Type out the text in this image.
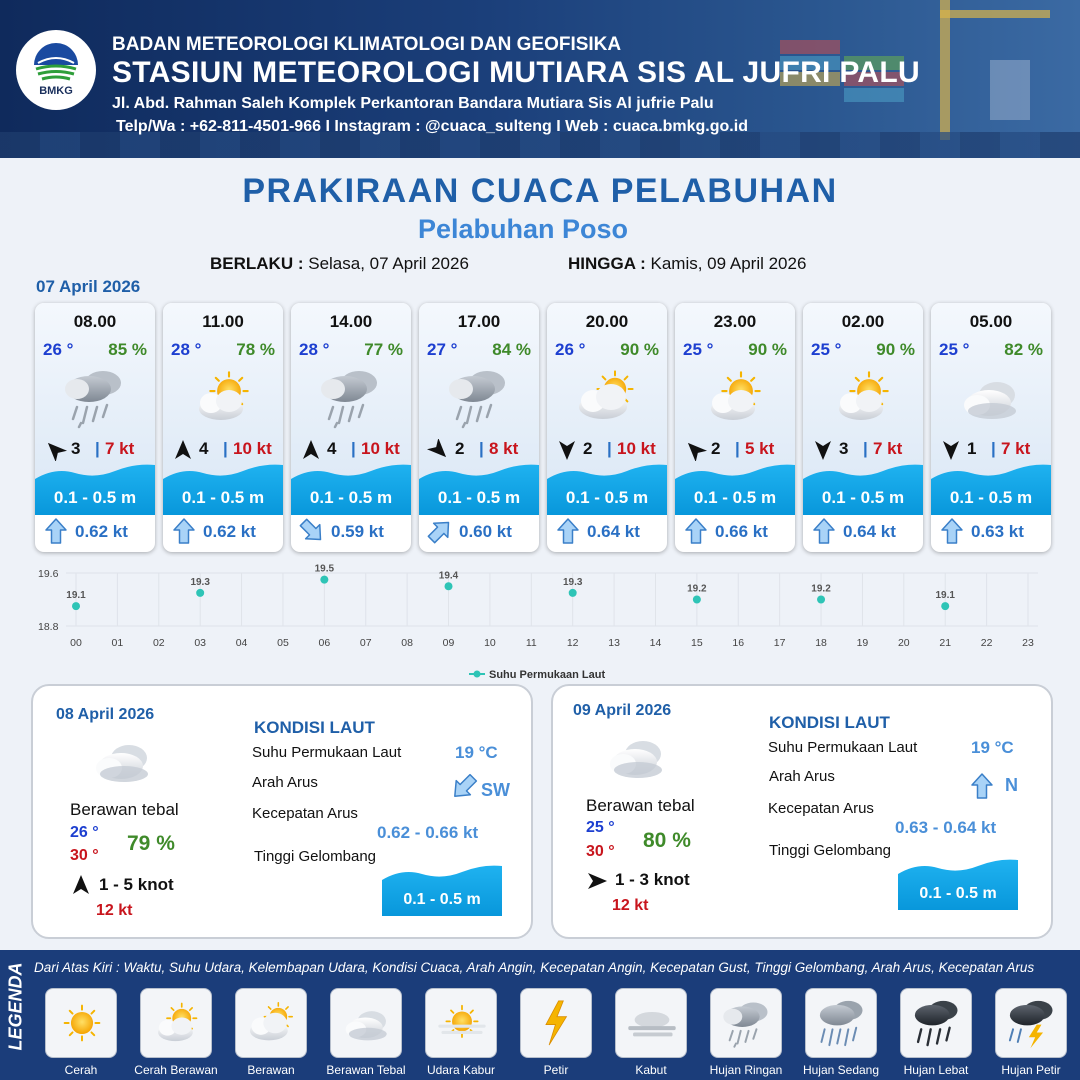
BMKG
BADAN METEOROLOGI KLIMATOLOGI DAN GEOFISIKA
STASIUN METEOROLOGI MUTIARA SIS AL JUFRI PALU
Jl. Abd. Rahman Saleh Komplek Perkantoran Bandara Mutiara Sis Al jufrie Palu
Telp/Wa : +62-811-4501-966 I Instagram : @cuaca_sulteng I Web : cuaca.bmkg.go.id
PRAKIRAAN CUACA PELABUHAN
Pelabuhan Poso
BERLAKU : Selasa, 07 April 2026	HINGGA : Kamis, 09 April 2026
07 April 2026
08.00
26 ° 85 %
3 | 7 kt
0.1 - 0.5 m
0.62 kt
11.00
28 ° 78 %
4 | 10 kt
0.1 - 0.5 m
0.62 kt
14.00
28 ° 77 %
4 | 10 kt
0.1 - 0.5 m
0.59 kt
17.00
27 ° 84 %
2 | 8 kt
0.1 - 0.5 m
0.60 kt
20.00
26 ° 90 %
2 | 10 kt
0.1 - 0.5 m
0.64 kt
23.00
25 ° 90 %
2 | 5 kt
0.1 - 0.5 m
0.66 kt
02.00
25 ° 90 %
3 | 7 kt
0.1 - 0.5 m
0.64 kt
05.00
25 ° 82 %
1 | 7 kt
0.1 - 0.5 m
0.63 kt
19.6
18.8
00	01	02	03	04	05	06	07	08	09	10	11	12	13	14	15	16	17	18	19	20	21	22	23
19.1
19.3
19.5
19.4
19.3
19.2	19.2
19.1
Suhu Permukaan Laut
08 April 2026
Berawan tebal
26 °
30 °
79 %
1 - 5 knot
12 kt
KONDISI LAUT
Suhu Permukaan Laut	19 °C
Arah Arus	SW
Kecepatan Arus
0.62 - 0.66 kt
Tinggi Gelombang
0.1 - 0.5 m
09 April 2026
Berawan tebal
25 °
30 ° 80 %
1 - 3 knot
12 kt
KONDISI LAUT
Suhu Permukaan Laut	19 °C
Arah Arus	N
Kecepatan Arus
0.63 - 0.64 kt
Tinggi Gelombang
0.1 - 0.5 m
LEGENDA Dari Atas Kiri : Waktu, Suhu Udara, Kelembapan Udara, Kondisi Cuaca, Arah Angin, Kecepatan Angin, Kecepatan Gust, Tinggi Gelombang, Arah Arus, Kecepatan Arus
Cerah	Cerah Berawan	Berawan	Berawan Tebal	Udara Kabur	Petir	Kabut	Hujan Ringan	Hujan Sedang	Hujan Lebat	Hujan Petir
